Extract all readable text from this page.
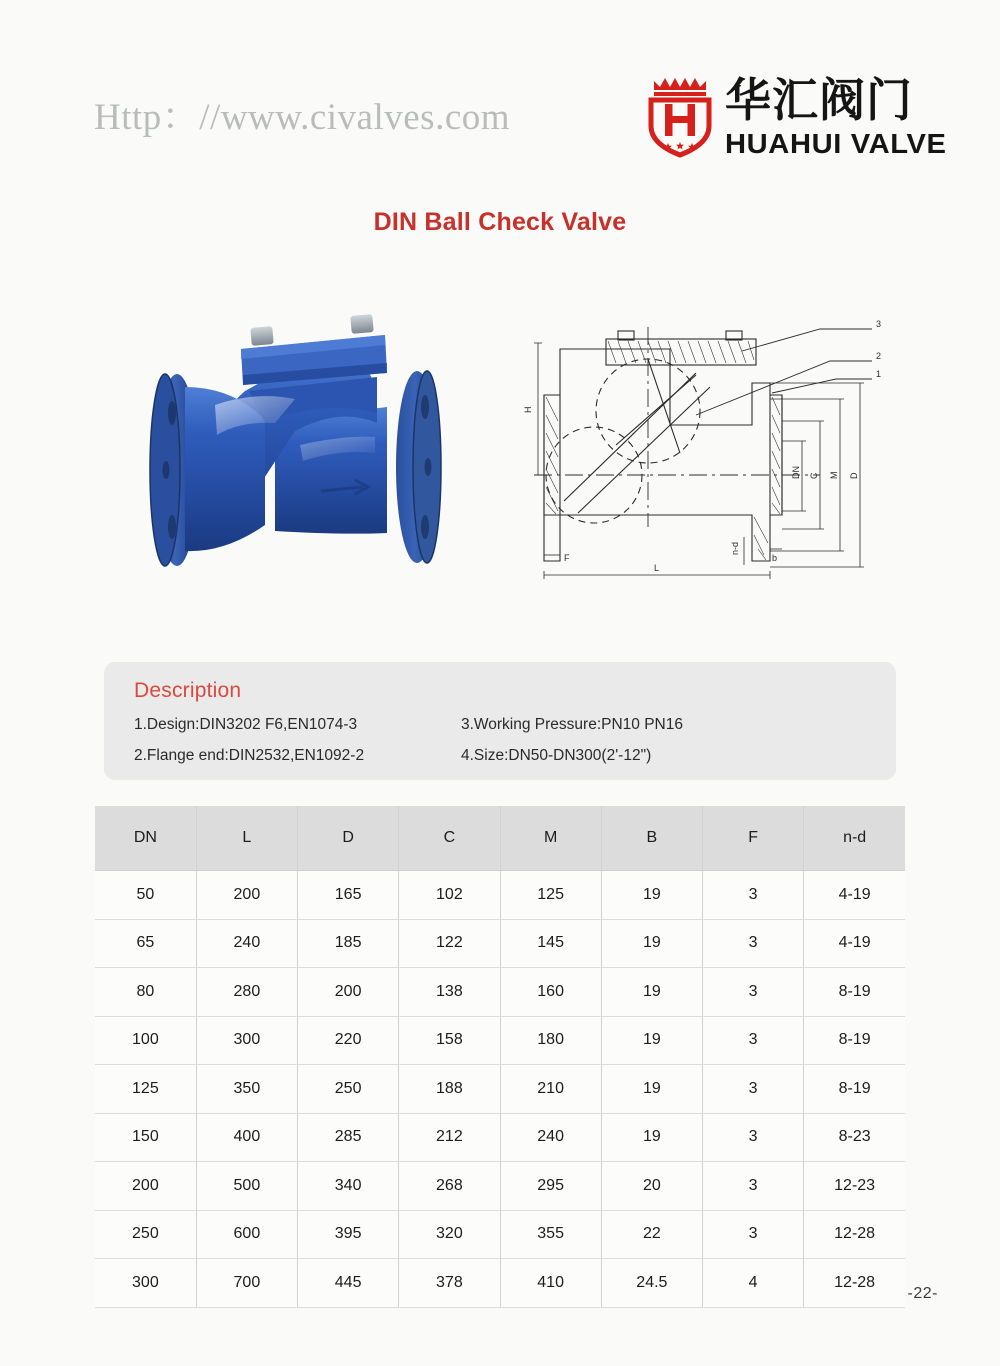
Http：//www.civalves.com	华汇阀门
HUAHUI VALVE
DIN Ball Check Valve
H
F
L
DN C M D
n-d
b
3
2
1
Description
1.Design:DIN3202 F6,EN1074-3	3.Working Pressure:PN10 PN16
2.Flange end:DIN2532,EN1092-2	4.Size:DN50-DN300(2'-12")
DN	L	D	C	M	B	F	n-d
50	200	165	102	125	19	3	4-19
65	240	185	122	145	19	3	4-19
80	280	200	138	160	19	3	8-19
100	300	220	158	180	19	3	8-19
125	350	250	188	210	19	3	8-19
150	400	285	212	240	19	3	8-23
200	500	340	268	295	20	3	12-23
250	600	395	320	355	22	3	12-28
300	700	445	378	410	24.5	4	12-28
-22-
